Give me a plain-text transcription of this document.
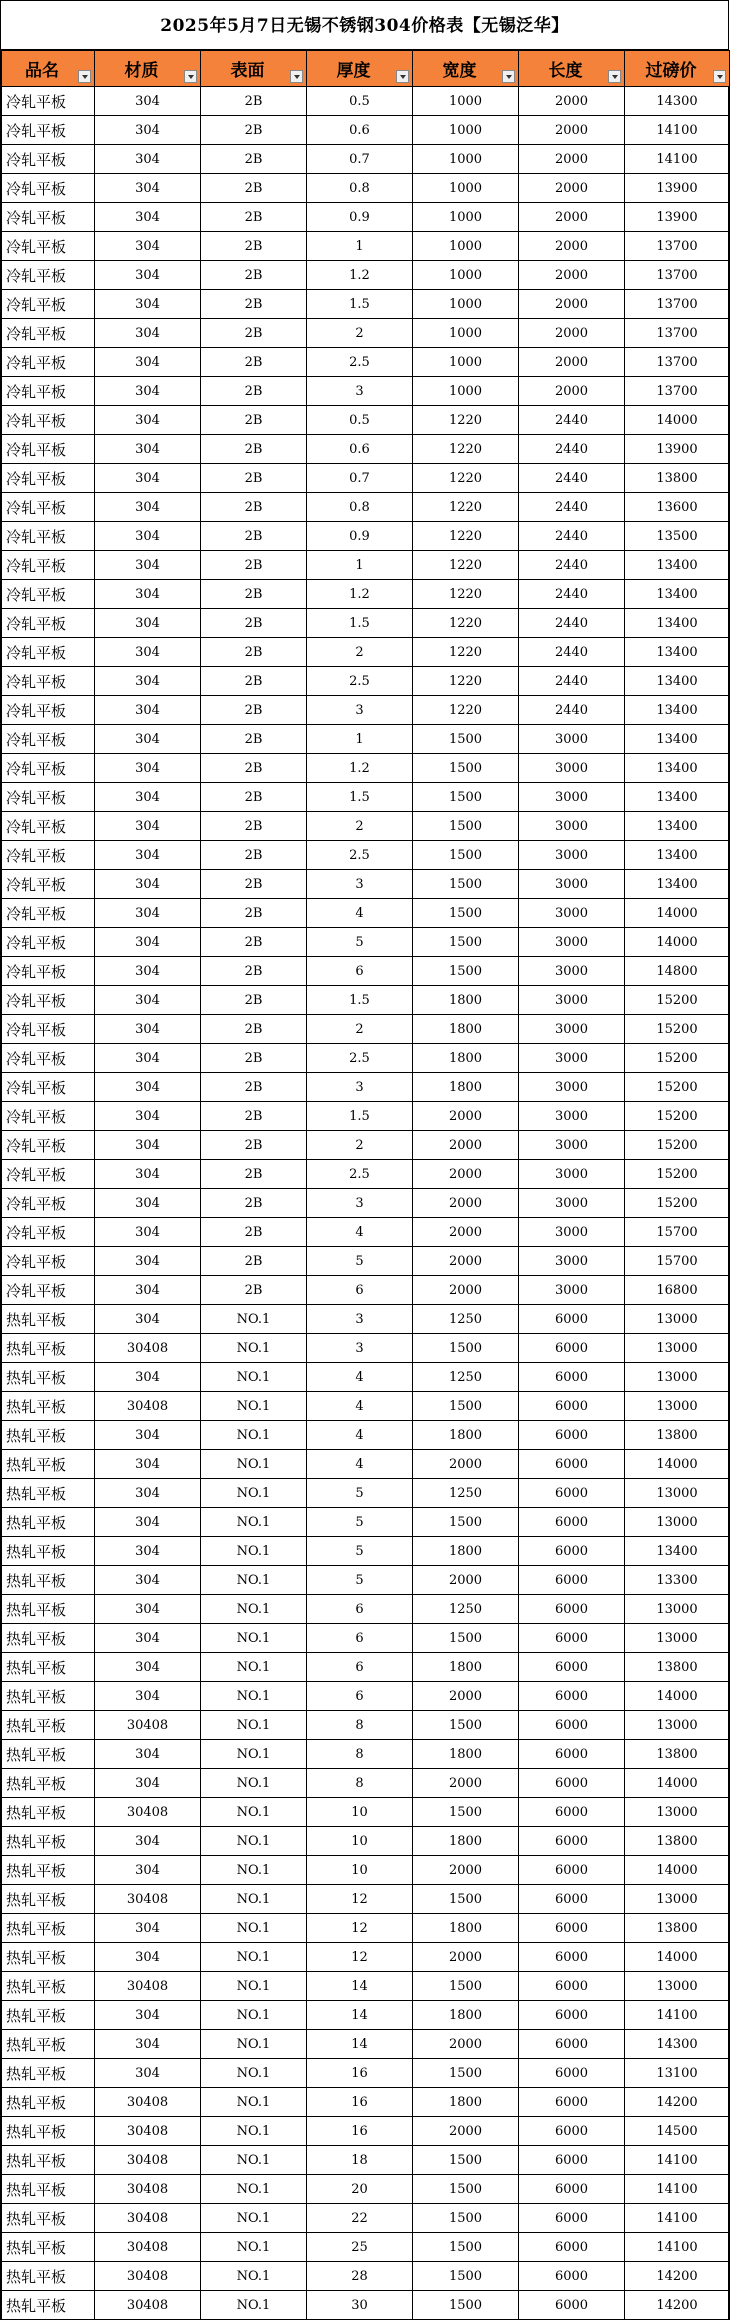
2025年5月7日无锡不锈钢304价格表【无锡泛华】
品名	材质	表面	厚度	宽度	长度	过磅价

冷轧平板	304	2B	0.5	1000	2000	14300
冷轧平板	304	2B	0.6	1000	2000	14100
冷轧平板	304	2B	0.7	1000	2000	14100
冷轧平板	304	2B	0.8	1000	2000	13900
冷轧平板	304	2B	0.9	1000	2000	13900
冷轧平板	304	2B	1	1000	2000	13700
冷轧平板	304	2B	1.2	1000	2000	13700
冷轧平板	304	2B	1.5	1000	2000	13700
冷轧平板	304	2B	2	1000	2000	13700
冷轧平板	304	2B	2.5	1000	2000	13700
冷轧平板	304	2B	3	1000	2000	13700
冷轧平板	304	2B	0.5	1220	2440	14000
冷轧平板	304	2B	0.6	1220	2440	13900
冷轧平板	304	2B	0.7	1220	2440	13800
冷轧平板	304	2B	0.8	1220	2440	13600
冷轧平板	304	2B	0.9	1220	2440	13500
冷轧平板	304	2B	1	1220	2440	13400
冷轧平板	304	2B	1.2	1220	2440	13400
冷轧平板	304	2B	1.5	1220	2440	13400
冷轧平板	304	2B	2	1220	2440	13400
冷轧平板	304	2B	2.5	1220	2440	13400
冷轧平板	304	2B	3	1220	2440	13400
冷轧平板	304	2B	1	1500	3000	13400
冷轧平板	304	2B	1.2	1500	3000	13400
冷轧平板	304	2B	1.5	1500	3000	13400
冷轧平板	304	2B	2	1500	3000	13400
冷轧平板	304	2B	2.5	1500	3000	13400
冷轧平板	304	2B	3	1500	3000	13400
冷轧平板	304	2B	4	1500	3000	14000
冷轧平板	304	2B	5	1500	3000	14000
冷轧平板	304	2B	6	1500	3000	14800
冷轧平板	304	2B	1.5	1800	3000	15200
冷轧平板	304	2B	2	1800	3000	15200
冷轧平板	304	2B	2.5	1800	3000	15200
冷轧平板	304	2B	3	1800	3000	15200
冷轧平板	304	2B	1.5	2000	3000	15200
冷轧平板	304	2B	2	2000	3000	15200
冷轧平板	304	2B	2.5	2000	3000	15200
冷轧平板	304	2B	3	2000	3000	15200
冷轧平板	304	2B	4	2000	3000	15700
冷轧平板	304	2B	5	2000	3000	15700
冷轧平板	304	2B	6	2000	3000	16800
热轧平板	304	NO.1	3	1250	6000	13000
热轧平板	30408	NO.1	3	1500	6000	13000
热轧平板	304	NO.1	4	1250	6000	13000
热轧平板	30408	NO.1	4	1500	6000	13000
热轧平板	304	NO.1	4	1800	6000	13800
热轧平板	304	NO.1	4	2000	6000	14000
热轧平板	304	NO.1	5	1250	6000	13000
热轧平板	304	NO.1	5	1500	6000	13000
热轧平板	304	NO.1	5	1800	6000	13400
热轧平板	304	NO.1	5	2000	6000	13300
热轧平板	304	NO.1	6	1250	6000	13000
热轧平板	304	NO.1	6	1500	6000	13000
热轧平板	304	NO.1	6	1800	6000	13800
热轧平板	304	NO.1	6	2000	6000	14000
热轧平板	30408	NO.1	8	1500	6000	13000
热轧平板	304	NO.1	8	1800	6000	13800
热轧平板	304	NO.1	8	2000	6000	14000
热轧平板	30408	NO.1	10	1500	6000	13000
热轧平板	304	NO.1	10	1800	6000	13800
热轧平板	304	NO.1	10	2000	6000	14000
热轧平板	30408	NO.1	12	1500	6000	13000
热轧平板	304	NO.1	12	1800	6000	13800
热轧平板	304	NO.1	12	2000	6000	14000
热轧平板	30408	NO.1	14	1500	6000	13000
热轧平板	304	NO.1	14	1800	6000	14100
热轧平板	304	NO.1	14	2000	6000	14300
热轧平板	304	NO.1	16	1500	6000	13100
热轧平板	30408	NO.1	16	1800	6000	14200
热轧平板	30408	NO.1	16	2000	6000	14500
热轧平板	30408	NO.1	18	1500	6000	14100
热轧平板	30408	NO.1	20	1500	6000	14100
热轧平板	30408	NO.1	22	1500	6000	14100
热轧平板	30408	NO.1	25	1500	6000	14100
热轧平板	30408	NO.1	28	1500	6000	14200
热轧平板	30408	NO.1	30	1500	6000	14200
